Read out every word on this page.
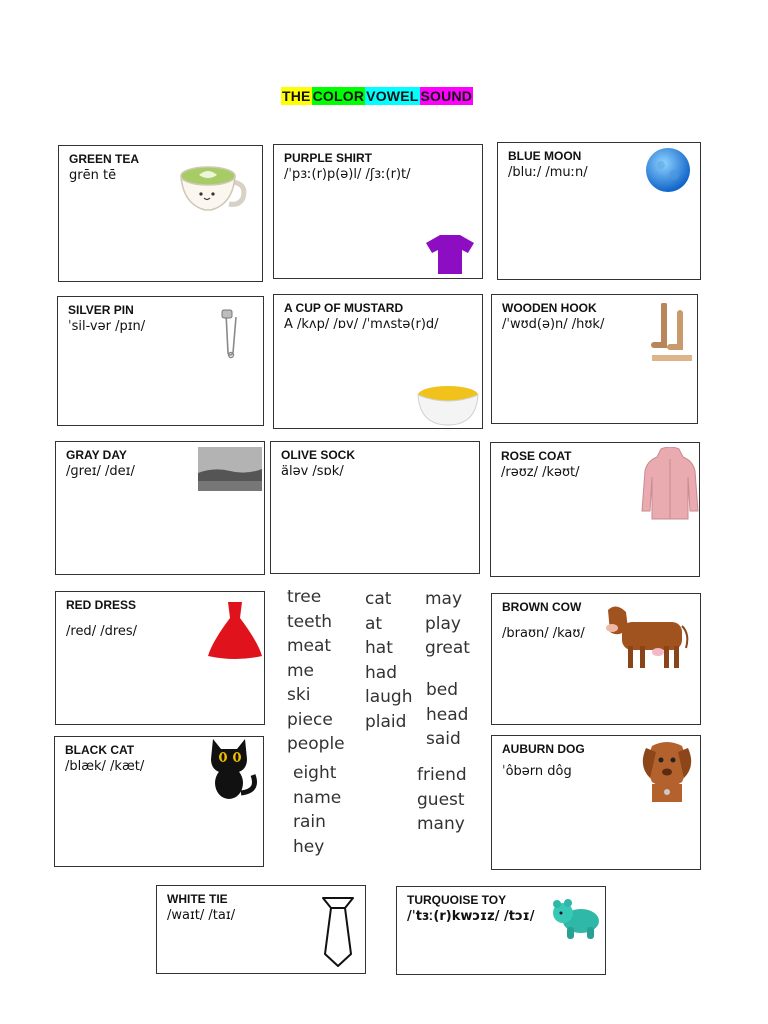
THE COLOR VOWEL SOUND
GREEN TEA
grēn tē
PURPLE SHIRT
/ˈpɜː(r)p(ə)l/ /ʃɜː(r)t/
BLUE MOON
/bluː/ /muːn/
SILVER PIN
ˈsil-vər /pɪn/
A CUP OF MUSTARD
A /kʌp/ /ɒv/ /ˈmʌstə(r)d/
WOODEN HOOK
/ˈwʊd(ə)n/ /hʊk/
GRAY DAY
/ɡreɪ/ /deɪ/
OLIVE SOCK
äləv /sɒk/
ROSE COAT
/rəʊz/ /kəʊt/
RED DRESS
/red/ /dres/
tree
teeth
meat
me
ski
piece
people
cat
at
hat
had
laugh
plaid
may
play
great
bed
head
said
eight
name
rain
hey
friend
guest
many
BROWN COW
/braʊn/ /kaʊ/
BLACK CAT
/blæk/ /kæt/
AUBURN DOG
ˈôbərn dôg
WHITE TIE
/waɪt/ /taɪ/
TURQUOISE TOY
/ˈtɜː(r)kwɔɪz/ /tɔɪ/
